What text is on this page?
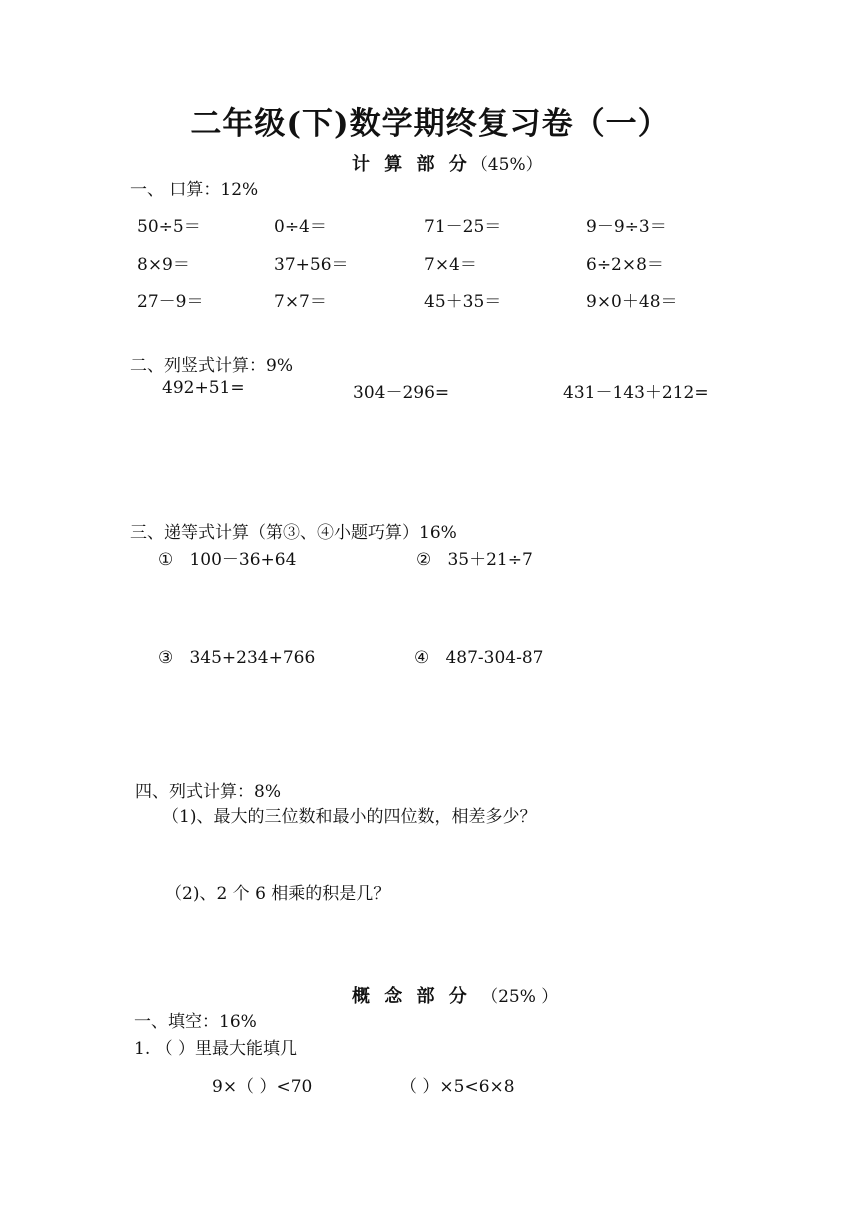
二年级(下)数学期终复习卷（一）
计 算 部 分（45%）
一、 口算：12%
50÷5＝	0÷4＝	71－25＝	9－9÷3＝
8×9＝	37+56＝	7×4＝	6÷2×8＝
27－9＝	7×7＝	45＋35＝	9×0＋48＝
二、列竖式计算：9%
492+51=	304－296=	431－143＋212=
三、递等式计算（第③、④小题巧算）16%
① 100－36+64	② 35＋21÷7
③ 345+234+766	④ 487-304-87
四、列式计算：8%
（1)、最大的三位数和最小的四位数，相差多少？
（2)、2 个 6 相乘的积是几？
概 念 部 分 （25% ）
一、填空：16%
1. （ ）里最大能填几
9×（ ）<70	（ ）×5<6×8
